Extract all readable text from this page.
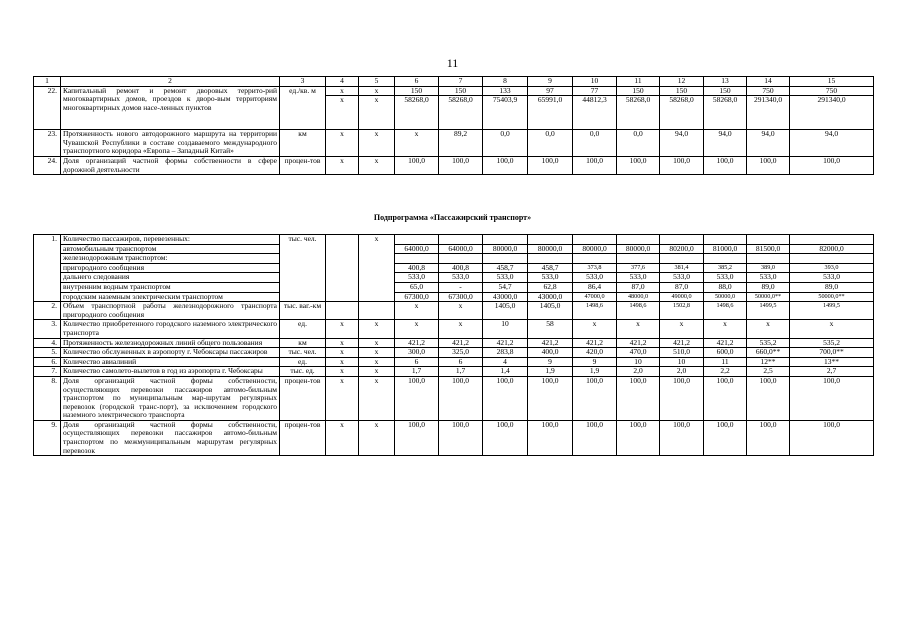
11
1	2	3	4	5	6	7	8	9	10	11	12	13	14	15
22.	Капитальный ремонт и ремонт дворовых террито-рий многоквартирных домов, проездов к дворо-вым территориям многоквартирных домов насе-ленных пунктов	ед./кв. м	x	x	150	150	133	97	77	150	150	150	750	750
			x	x	58268,0	58268,0	75403,9	65991,0	44812,3	58268,0	58268,0	58268,0	291340,0	291340,0
23.	Протяженность нового автодорожного маршрута на территории Чувашской Республики в составе создаваемого международного транспортного коридора «Европа – Западный Китай»	км	x	x	x	89,2	0,0	0,0	0,0	0,0	94,0	94,0	94,0	94,0
24.	Доля организаций частной формы собственности в сфере дорожной деятельности	процен-тов	x	x	100,0	100,0	100,0	100,0	100,0	100,0	100,0	100,0	100,0	100,0
Подпрограмма «Пассажирский транспорт»
1.	Количество пассажиров, перевезенных:	тыс. чел.		x										
	автомобильным транспортом				64000,0	64000,0	80000,0	80000,0	80000,0	80000,0	80200,0	81000,0	81500,0	82000,0
	железнодорожным транспортом:													
	пригородного сообщения				400,8	400,8	458,7	458,7	373,8	377,6	381,4	385,2	389,0	393,0
	дальнего следования				533,0	533,0	533,0	533,0	533,0	533,0	533,0	533,0	533,0	533,0
	внутренним водным транспортом				65,0	-	54,7	62,8	86,4	87,0	87,0	88,0	89,0	89,0
	городским наземным электрическим транспортом				67300,0	67300,0	43000,0	43000,0	47000,0	48000,0	49000,0	50000,0	50000,0**	50000,0**
2.	Объем транспортной работы железнодорожного транспорта пригородного сообщения	тыс. ваг.-км			x	x	1405,0	1405,0	1498,6	1498,6	1502,8	1498,6	1499,5	1499,5
3.	Количество приобретенного городского наземного электрического транспорта	ед.	x	x	x	x	10	58	x	x	x	x	x	x
4.	Протяженность железнодорожных линий общего пользования	км	x	x	421,2	421,2	421,2	421,2	421,2	421,2	421,2	421,2	535,2	535,2
5.	Количество обслуженных в аэропорту г. Чебоксары пассажиров	тыс. чел.	x	x	300,0	325,0	283,8	400,0	420,0	470,0	510,0	600,0	660,0**	700,0**
6.	Количество авиалиний	ед.	x	x	6	6	4	9	9	10	10	11	12**	13**
7.	Количество самолето-вылетов в год из аэропорта г. Чебоксары	тыс. ед.	x	x	1,7	1,7	1,4	1,9	1,9	2,0	2,0	2,2	2,5	2,7
8.	Доля организаций частной формы собственности, осуществляющих перевозки пассажиров автомо-бильным транспортом по муниципальным мар-шрутам регулярных перевозок (городской транс-порт), за исключением городского наземного электрического транспорта	процен-тов	x	x	100,0	100,0	100,0	100,0	100,0	100,0	100,0	100,0	100,0	100,0
9.	Доля организаций частной формы собственности, осуществляющих перевозки пассажиров автомо-бильным транспортом по межмуниципальным маршрутам регулярных перевозок	процен-тов	x	x	100,0	100,0	100,0	100,0	100,0	100,0	100,0	100,0	100,0	100,0
